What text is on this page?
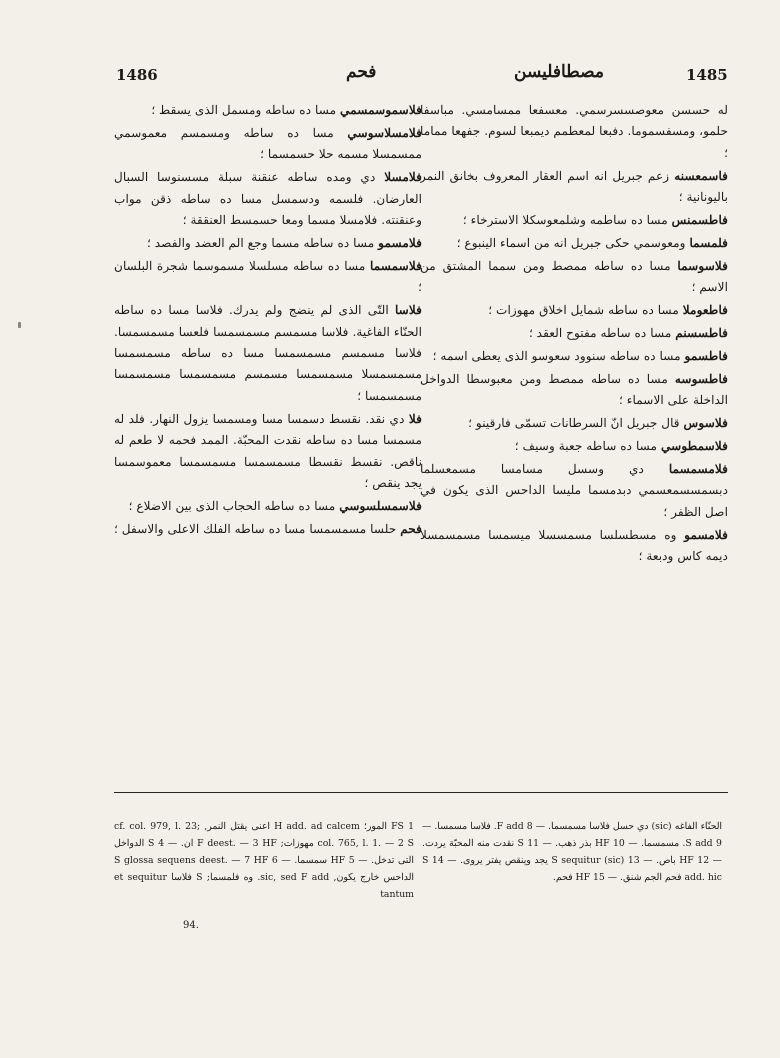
1486	فحم	مصطافليسن	1485

فلاسموسمسمي مسا ده ساطه ومسمل الذى يسقط ؛

فلامسلاسوسي مسا ده ساطه ومسمسم معموسمي ممسمسلا مسمه حلا حسمسما ؛

فلامسلا دي ومده ساطه عنقنة سبلة مسسنوسا السبال العارضان. فلسمه ودسمسل مسا ده ساطه ذقن مواب وعنقنته. فلامسلا مسما ومعا حسمسط العنققة ؛

فلامسمو مسا ده ساطه مسما وجع الم العضد والفصد ؛

فلاسمسما مسا ده ساطه مسلسلا مسموسما شجرة البلسان ؛

فلاسا التّى الذى لم ينضج ولم يدرك. فلاسا مسا ده ساطه الحنّاء الفاغية. فلاسا مسمسم مسمسمسا فلعسا مسمسمسا. فلاسا مسمسم مسمسمسا مسا ده ساطه مسمسمسا مسمسمسلا مسمسمسا مسمسم مسمسمسا مسمسمسا مسمسمسا ؛

فلا دي نقد. نقسط دسمسا مسا ومسمسا يزول النهار. فلد له مسمسا مسا ده ساطه نقدت المحبّة. الممد فحمه لا طعم له ناقص. نقسط نقسطا مسمسمسا مسمسمسا معموسمسا يجد ينقص ؛

فلاسمسلسوسي مسا ده ساطه الحجاب الذى بين الاضلاع ؛

فحم حلسا مسمسمسا مسا ده ساطه الفلك الاعلى والاسفل ؛

له حسسن معوصسسرسمي. معسفعا ممسامسي. مباسفا حلمو، ومسفسموما. دفبعا لمعطمم ديمبعا لسوم. جفهعا مماما ؛

فاسمعسنه زعم جبريل انه اسم العقار المعروف بخانق النمر بالیونانية ؛

فاطسمنس مسا ده ساطمه وشلمعوسكلا الاسترخاء ؛

فلمسما ومعوسمي حكى جبريل انه من اسماء الينبوع ؛

فلاسوسما مسا ده ساطه ممصط ومن سمما المشتق من الاسم ؛

فاطعوملا مسا ده ساطه شمايل اخلاق مهوزات ؛

فاطسسنم مسا ده ساطه مفتوح العقد ؛

فاطسمو مسا ده ساطه سنوود سعوسو الذى يعطى اسمه ؛

فاطسوسه مسا ده ساطه ممصط ومن معبوسطا الدواخل الداخلة على الاسماء ؛

فلاسوس قال جبريل انّ السرطانات تسمّى فارقينو ؛

فلاسمطوسي مسا ده ساطه جعبة وسيف ؛

فلامسمسما دي وسسل مسامسا مسمعسلما دبسمسسمعسمي دبدمسما مليسا الداحس الذى يكون في اصل الظفر ؛

فلامسمو وه مسطسلسا مسمسسلا ميسمسا مسمسمسلا ديمه كاس ودبعة ؛

1 FS المور؛ H add. ad calcem اعنى يقتل النمر, cf. col. 979, l. 23; col. 765, l. 1. — 2 S مهوزات; F deest. — 3 HF ان. — 4 S الدواخل التى تدخل. — 5 HF سمسما. — 6 S glossa sequens deest. — 7 HF الداحس خارج يكون, sic, sed F add. وه فلمسما; S فلاسا et sequitur tantum

الحنّاء الفاغه (sic) دي حسل فلاسا مسمسما. — 8 F add. فلاسا مسمسا. — 9 S add. مسمسما. — 10 HF بذر ذهب. — 11 S نقدت منه المحبّة يردت. — 12 HF باص. — 13 S sequitur (sic) يجد وينقص يفتر يروى. — 14 S add. hic فحم الجم شنق. — 15 HF فحم.

94.
